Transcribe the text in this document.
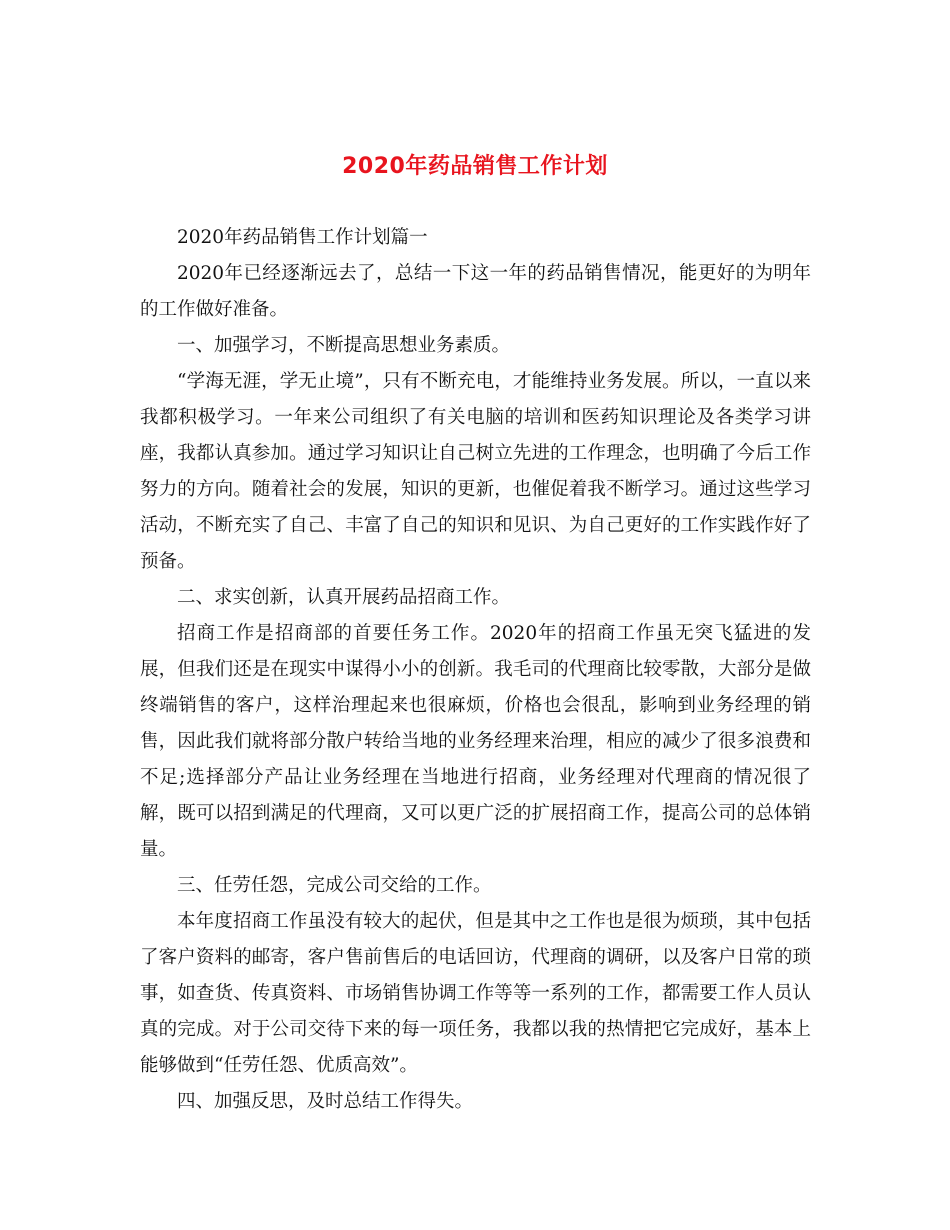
2020年药品销售工作计划

2020年药品销售工作计划篇一

2020年已经逐渐远去了，总结一下这一年的药品销售情况，能更好的为明年的工作做好准备。

一、加强学习，不断提高思想业务素质。

“学海无涯，学无止境”，只有不断充电，才能维持业务发展。所以，一直以来我都积极学习。一年来公司组织了有关电脑的培训和医药知识理论及各类学习讲座，我都认真参加。通过学习知识让自己树立先进的工作理念，也明确了今后工作努力的方向。随着社会的发展，知识的更新，也催促着我不断学习。通过这些学习活动，不断充实了自己、丰富了自己的知识和见识、为自己更好的工作实践作好了预备。

二、求实创新，认真开展药品招商工作。

招商工作是招商部的首要任务工作。2020年的招商工作虽无突飞猛进的发展，但我们还是在现实中谋得小小的创新。我毛司的代理商比较零散，大部分是做终端销售的客户，这样治理起来也很麻烦，价格也会很乱，影响到业务经理的销售，因此我们就将部分散户转给当地的业务经理来治理，相应的减少了很多浪费和不足;选择部分产品让业务经理在当地进行招商，业务经理对代理商的情况很了解，既可以招到满足的代理商，又可以更广泛的扩展招商工作，提高公司的总体销量。

三、任劳任怨，完成公司交给的工作。

本年度招商工作虽没有较大的起伏，但是其中之工作也是很为烦琐，其中包括了客户资料的邮寄，客户售前售后的电话回访，代理商的调研，以及客户日常的琐事，如查货、传真资料、市场销售协调工作等等一系列的工作，都需要工作人员认真的完成。对于公司交待下来的每一项任务，我都以我的热情把它完成好，基本上能够做到“任劳任怨、优质高效”。

四、加强反思，及时总结工作得失。
